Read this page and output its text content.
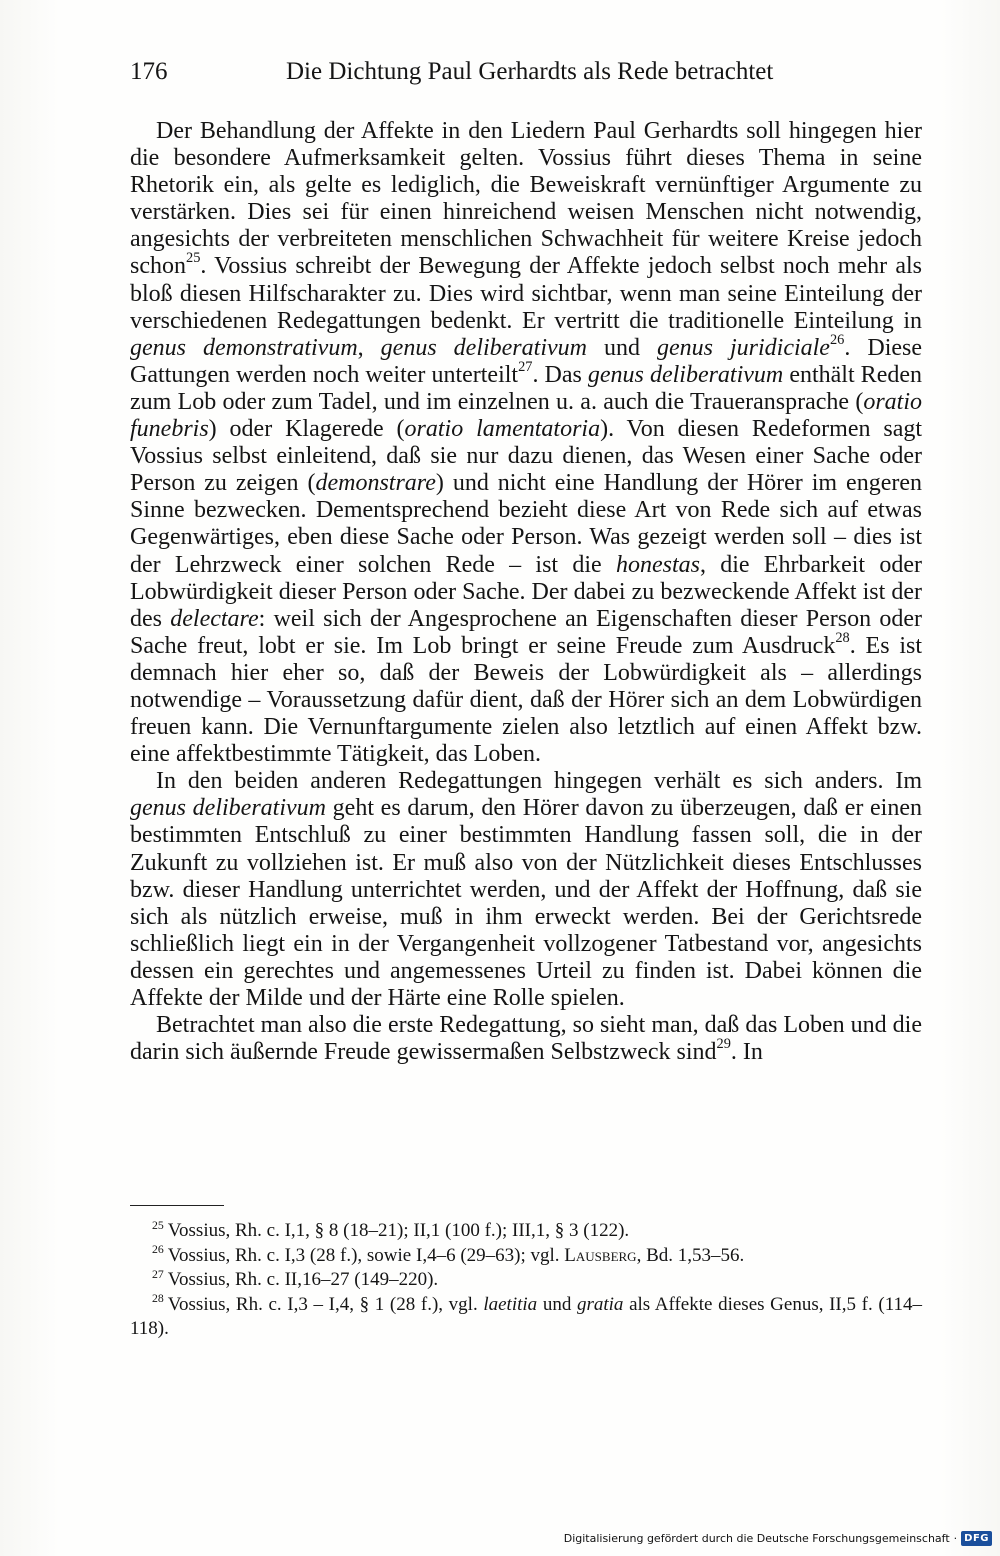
176	Die Dichtung Paul Gerhardts als Rede betrachtet

Der Behandlung der Affekte in den Liedern Paul Gerhardts soll hingegen hier die besondere Aufmerksamkeit gelten. Vossius führt dieses Thema in seine Rhetorik ein, als gelte es lediglich, die Beweiskraft vernünftiger Argumente zu verstärken. Dies sei für einen hinreichend weisen Menschen nicht notwendig, angesichts der verbreiteten menschlichen Schwachheit für weitere Kreise jedoch schon$^{25}$. Vossius schreibt der Bewegung der Affekte jedoch selbst noch mehr als bloß diesen Hilfscharakter zu. Dies wird sichtbar, wenn man seine Einteilung der verschiedenen Redegattungen bedenkt. Er vertritt die traditionelle Einteilung in genus demonstrativum, genus deliberativum und genus juridiciale$^{26}$. Diese Gattungen werden noch weiter unterteilt$^{27}$. Das genus deliberativum enthält Reden zum Lob oder zum Tadel, und im einzelnen u. a. auch die Traueransprache (oratio funebris) oder Klagerede (oratio lamentatoria). Von diesen Redeformen sagt Vossius selbst einleitend, daß sie nur dazu dienen, das Wesen einer Sache oder Person zu zeigen (demonstrare) und nicht eine Handlung der Hörer im engeren Sinne bezwecken. Dementsprechend bezieht diese Art von Rede sich auf etwas Gegenwärtiges, eben diese Sache oder Person. Was gezeigt werden soll – dies ist der Lehrzweck einer solchen Rede – ist die honestas, die Ehrbarkeit oder Lobwürdigkeit dieser Person oder Sache. Der dabei zu bezweckende Affekt ist der des delectare: weil sich der Angesprochene an Eigenschaften dieser Person oder Sache freut, lobt er sie. Im Lob bringt er seine Freude zum Ausdruck$^{28}$. Es ist demnach hier eher so, daß der Beweis der Lobwürdigkeit als – allerdings notwendige – Voraussetzung dafür dient, daß der Hörer sich an dem Lobwürdigen freuen kann. Die Vernunftargumente zielen also letztlich auf einen Affekt bzw. eine affektbestimmte Tätigkeit, das Loben.

In den beiden anderen Redegattungen hingegen verhält es sich anders. Im genus deliberativum geht es darum, den Hörer davon zu überzeugen, daß er einen bestimmten Entschluß zu einer bestimmten Handlung fassen soll, die in der Zukunft zu vollziehen ist. Er muß also von der Nützlichkeit dieses Entschlusses bzw. dieser Handlung unterrichtet werden, und der Affekt der Hoffnung, daß sie sich als nützlich erweise, muß in ihm erweckt werden. Bei der Gerichtsrede schließlich liegt ein in der Vergangenheit vollzogener Tatbestand vor, angesichts dessen ein gerechtes und angemessenes Urteil zu finden ist. Dabei können die Affekte der Milde und der Härte eine Rolle spielen.

Betrachtet man also die erste Redegattung, so sieht man, daß das Loben und die darin sich äußernde Freude gewissermaßen Selbstzweck sind$^{29}$. In

$^{25}$ Vossius, Rh. c. I,1, § 8 (18–21); II,1 (100 f.); III,1, § 3 (122).

$^{26}$ Vossius, Rh. c. I,3 (28 f.), sowie I,4–6 (29–63); vgl. Lausberg, Bd. 1,53–56.

$^{27}$ Vossius, Rh. c. II,16–27 (149–220).

$^{28}$ Vossius, Rh. c. I,3 – I,4, § 1 (28 f.), vgl. laetitia und gratia als Affekte dieses Genus, II,5 f. (114–118).

Digitalisierung gefördert durch die Deutsche Forschungsgemeinschaft · DFG
